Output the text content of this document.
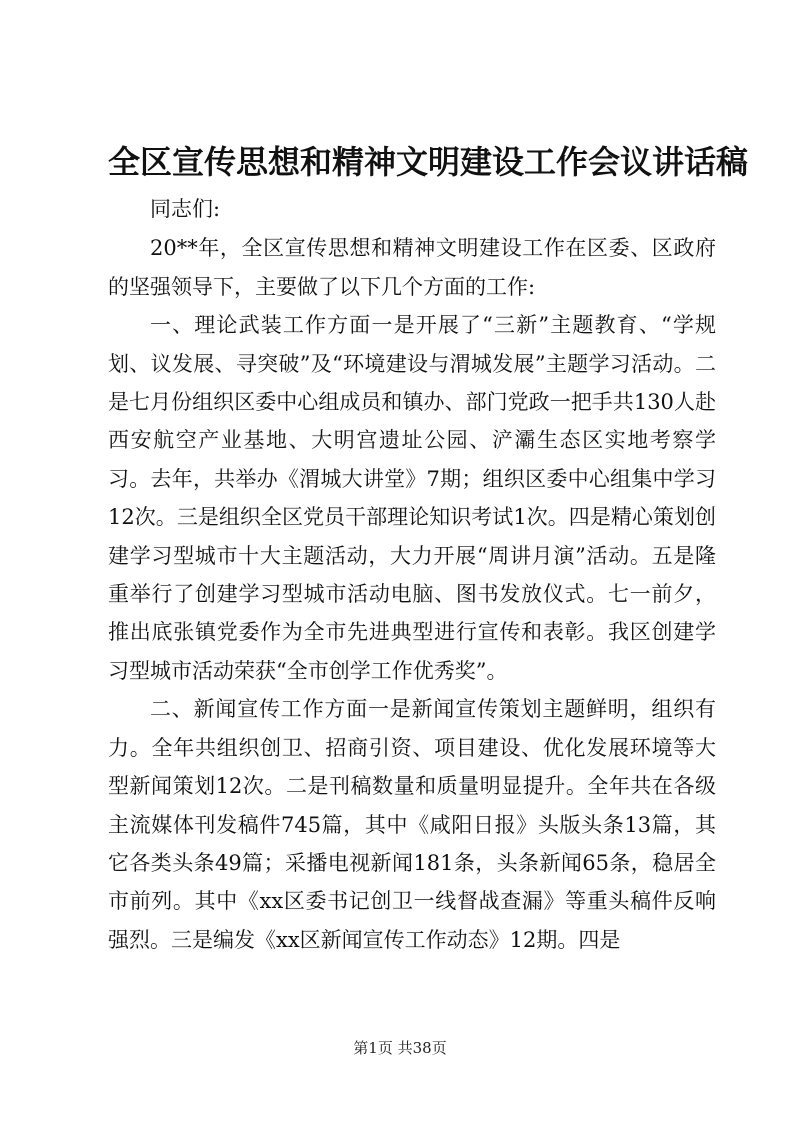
全区宣传思想和精神文明建设工作会议讲话稿

同志们:

20**年，全区宣传思想和精神文明建设工作在区委、区政府的坚强领导下，主要做了以下几个方面的工作:

一、理论武装工作方面一是开展了“三新”主题教育、“学规划、议发展、寻突破”及“环境建设与渭城发展”主题学习活动。二是七月份组织区委中心组成员和镇办、部门党政一把手共130人赴西安航空产业基地、大明宫遗址公园、浐灞生态区实地考察学习。去年，共举办《渭城大讲堂》7期；组织区委中心组集中学习12次。三是组织全区党员干部理论知识考试1次。四是精心策划创建学习型城市十大主题活动，大力开展“周讲月演”活动。五是隆重举行了创建学习型城市活动电脑、图书发放仪式。七一前夕，推出底张镇党委作为全市先进典型进行宣传和表彰。我区创建学习型城市活动荣获“全市创学工作优秀奖”。

二、新闻宣传工作方面一是新闻宣传策划主题鲜明，组织有力。全年共组织创卫、招商引资、项目建设、优化发展环境等大型新闻策划12次。二是刊稿数量和质量明显提升。全年共在各级主流媒体刊发稿件745篇，其中《咸阳日报》头版头条13篇，其它各类头条49篇；采播电视新闻181条，头条新闻65条，稳居全市前列。其中《xx区委书记创卫一线督战查漏》等重头稿件反响强烈。三是编发《xx区新闻宣传工作动态》12期。四是

第1页 共38页
